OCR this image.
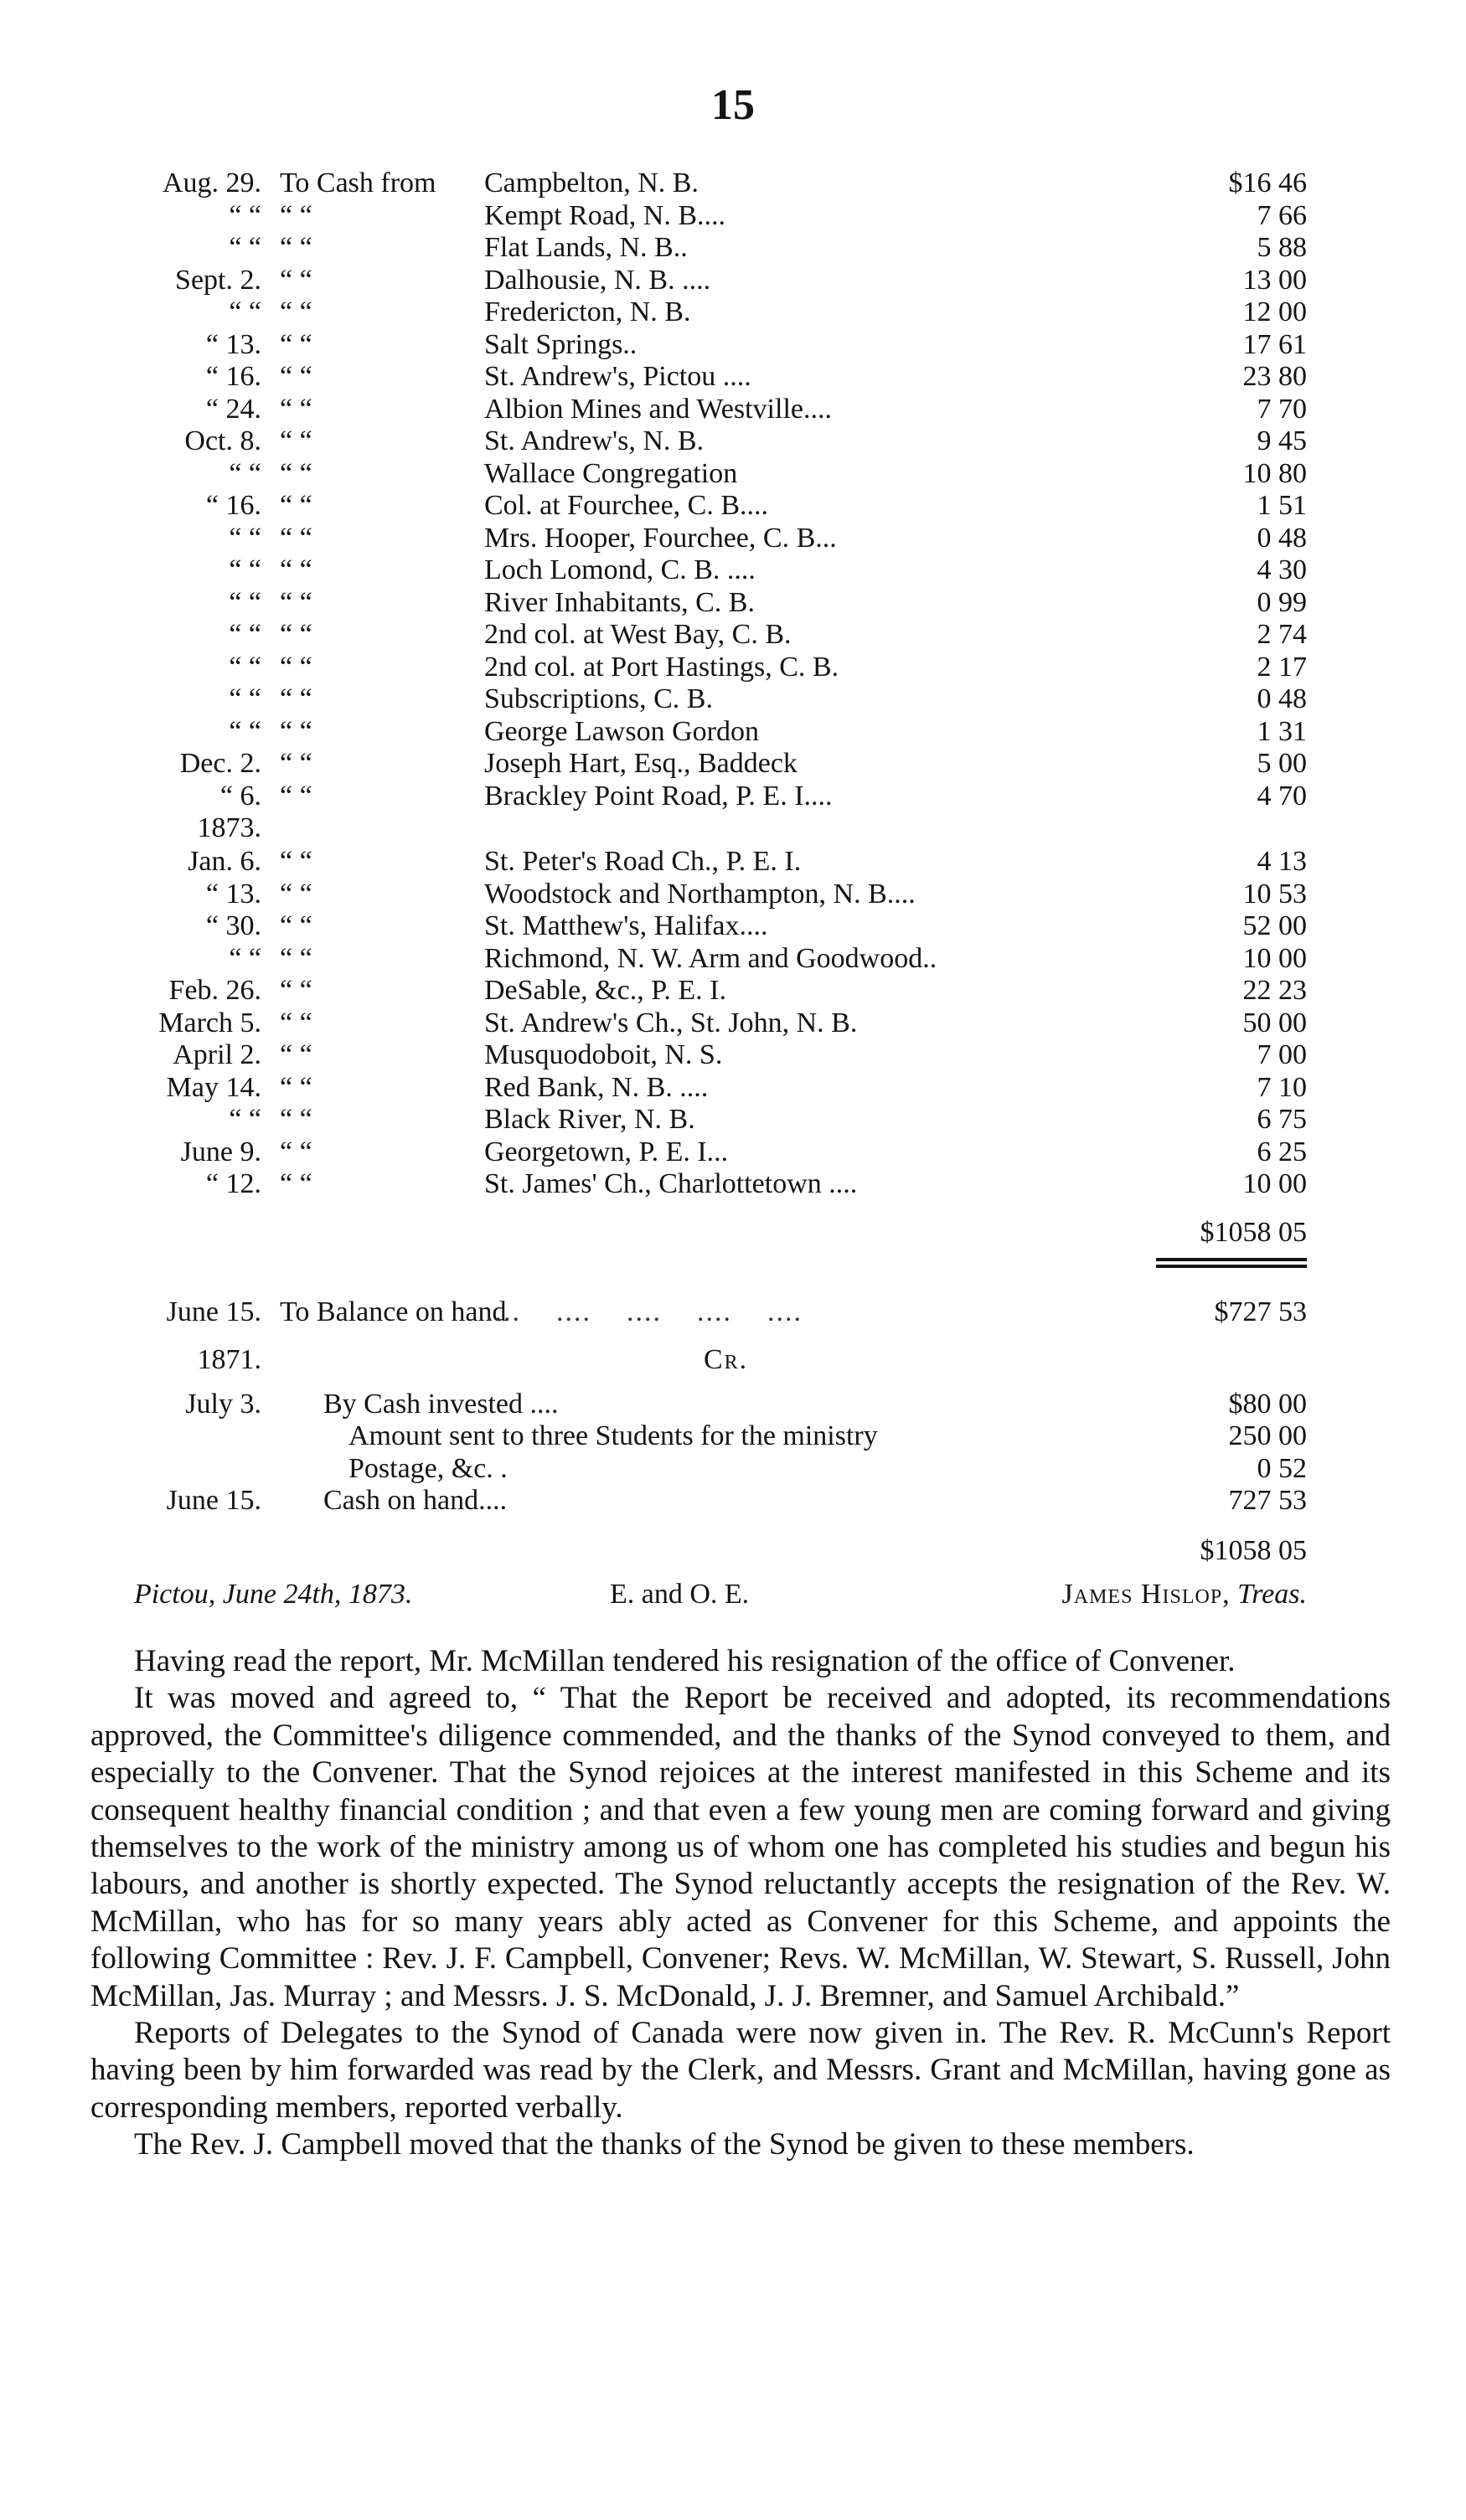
15
Aug. 29. To Cash from Campbelton, N. B.	$16 46
“ “ “ “	Kempt Road, N. B....	7 66
“ “ “ “	Flat Lands, N. B..	5 88
Sept. 2. “ “	Dalhousie, N. B. ....	13 00
“ “ “ “	Fredericton, N. B.	12 00
“ 13. “ “	Salt Springs..	17 61
“ 16. “ “	St. Andrew's, Pictou ....	23 80
“ 24. “ “	Albion Mines and Westville....	7 70
Oct. 8. “ “	St. Andrew's, N. B.	9 45
“ “ “ “	Wallace Congregation	10 80
“ 16. “ “	Col. at Fourchee, C. B....	1 51
“ “ “ “	Mrs. Hooper, Fourchee, C. B...	0 48
“ “ “ “	Loch Lomond, C. B. ....	4 30
“ “ “ “	River Inhabitants, C. B.	0 99
“ “ “ “	2nd col. at West Bay, C. B.	2 74
“ “ “ “	2nd col. at Port Hastings, C. B.	2 17
“ “ “ “	Subscriptions, C. B.	0 48
“ “ “ “	George Lawson Gordon	1 31
Dec. 2. “ “	Joseph Hart, Esq., Baddeck	5 00
“ 6. “ “	Brackley Point Road, P. E. I....	4 70
1873.
Jan. 6. “ “	St. Peter's Road Ch., P. E. I.	4 13
“ 13. “ “	Woodstock and Northampton, N. B....	10 53
“ 30. “ “	St. Matthew's, Halifax....	52 00
“ “ “ “	Richmond, N. W. Arm and Goodwood..	10 00
Feb. 26. “ “	DeSable, &c., P. E. I.	22 23
March 5. “ “	St. Andrew's Ch., St. John, N. B.	50 00
April 2. “ “	Musquodoboit, N. S.	7 00
May 14. “ “	Red Bank, N. B. ....	7 10
“ “ “ “	Black River, N. B.	6 75
June 9. “ “	Georgetown, P. E. I...	6 25
“ 12. “ “	St. James' Ch., Charlottetown ....	10 00
$1058 05
June 15. To Balance on hand
....    ....    ....    ....    ....	$727 53
1871.	Cr.
July 3. By Cash invested ....	$80 00
Amount sent to three Students for the ministry	250 00
Postage, &c. .	0 52
June 15. Cash on hand....	727 53
$1058 05
Pictou, June 24th, 1873.	E. and O. E.	James Hislop, Treas.

Having read the report, Mr. McMillan tendered his resignation of the office of Convener.

It was moved and agreed to, “ That the Report be received and adopted, its recommendations approved, the Committee's diligence commended, and the thanks of the Synod conveyed to them, and especially to the Convener. That the Synod rejoices at the interest manifested in this Scheme and its consequent healthy financial condition ; and that even a few young men are coming forward and giving themselves to the work of the ministry among us of whom one has completed his studies and begun his labours, and another is shortly expected. The Synod reluctantly accepts the resignation of the Rev. W. McMillan, who has for so many years ably acted as Convener for this Scheme, and appoints the following Committee : Rev. J. F. Campbell, Convener; Revs. W. McMillan, W. Stewart, S. Russell, John McMillan, Jas. Murray ; and Messrs. J. S. McDonald, J. J. Bremner, and Samuel Archibald.”

Reports of Delegates to the Synod of Canada were now given in. The Rev. R. McCunn's Report having been by him forwarded was read by the Clerk, and Messrs. Grant and McMillan, having gone as corresponding members, reported verbally.

The Rev. J. Campbell moved that the thanks of the Synod be given to these members.
